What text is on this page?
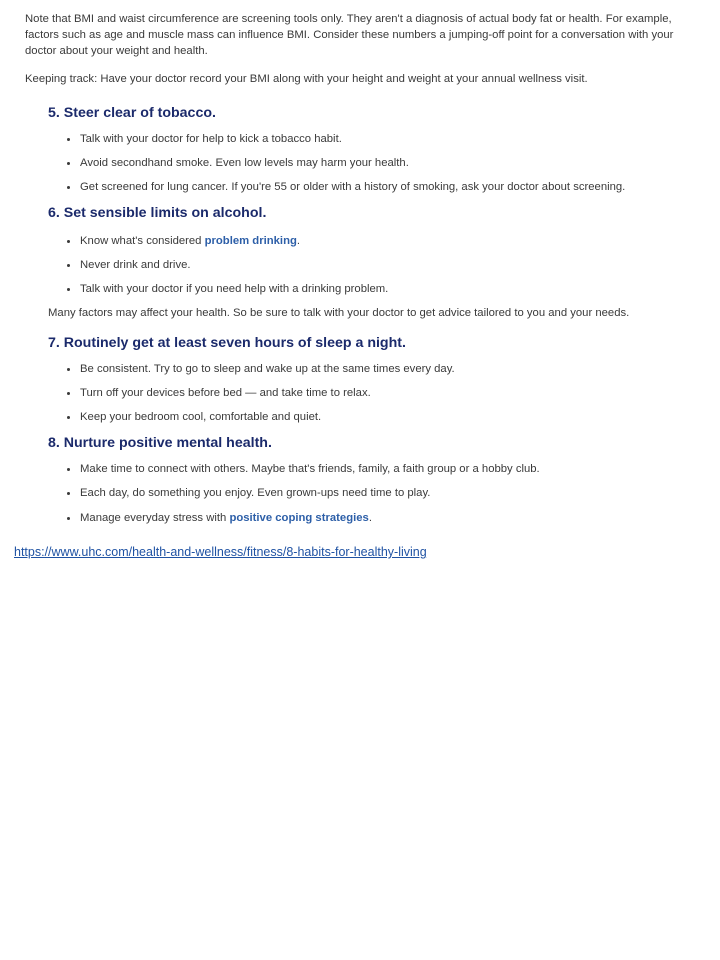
Note that BMI and waist circumference are screening tools only. They aren't a diagnosis of actual body fat or health. For example, factors such as age and muscle mass can influence BMI. Consider these numbers a jumping-off point for a conversation with your doctor about your weight and health.

Keeping track: Have your doctor record your BMI along with your height and weight at your annual wellness visit.

5. Steer clear of tobacco.
Talk with your doctor for help to kick a tobacco habit.
Avoid secondhand smoke. Even low levels may harm your health.
Get screened for lung cancer. If you're 55 or older with a history of smoking, ask your doctor about screening.
6. Set sensible limits on alcohol.
Know what's considered problem drinking.
Never drink and drive.
Talk with your doctor if you need help with a drinking problem.

Many factors may affect your health. So be sure to talk with your doctor to get advice tailored to you and your needs.

7. Routinely get at least seven hours of sleep a night.
Be consistent. Try to go to sleep and wake up at the same times every day.
Turn off your devices before bed — and take time to relax.
Keep your bedroom cool, comfortable and quiet.
8. Nurture positive mental health.
Make time to connect with others. Maybe that's friends, family, a faith group or a hobby club.
Each day, do something you enjoy. Even grown-ups need time to play.
Manage everyday stress with positive coping strategies.
https://www.uhc.com/health-and-wellness/fitness/8-habits-for-healthy-living
